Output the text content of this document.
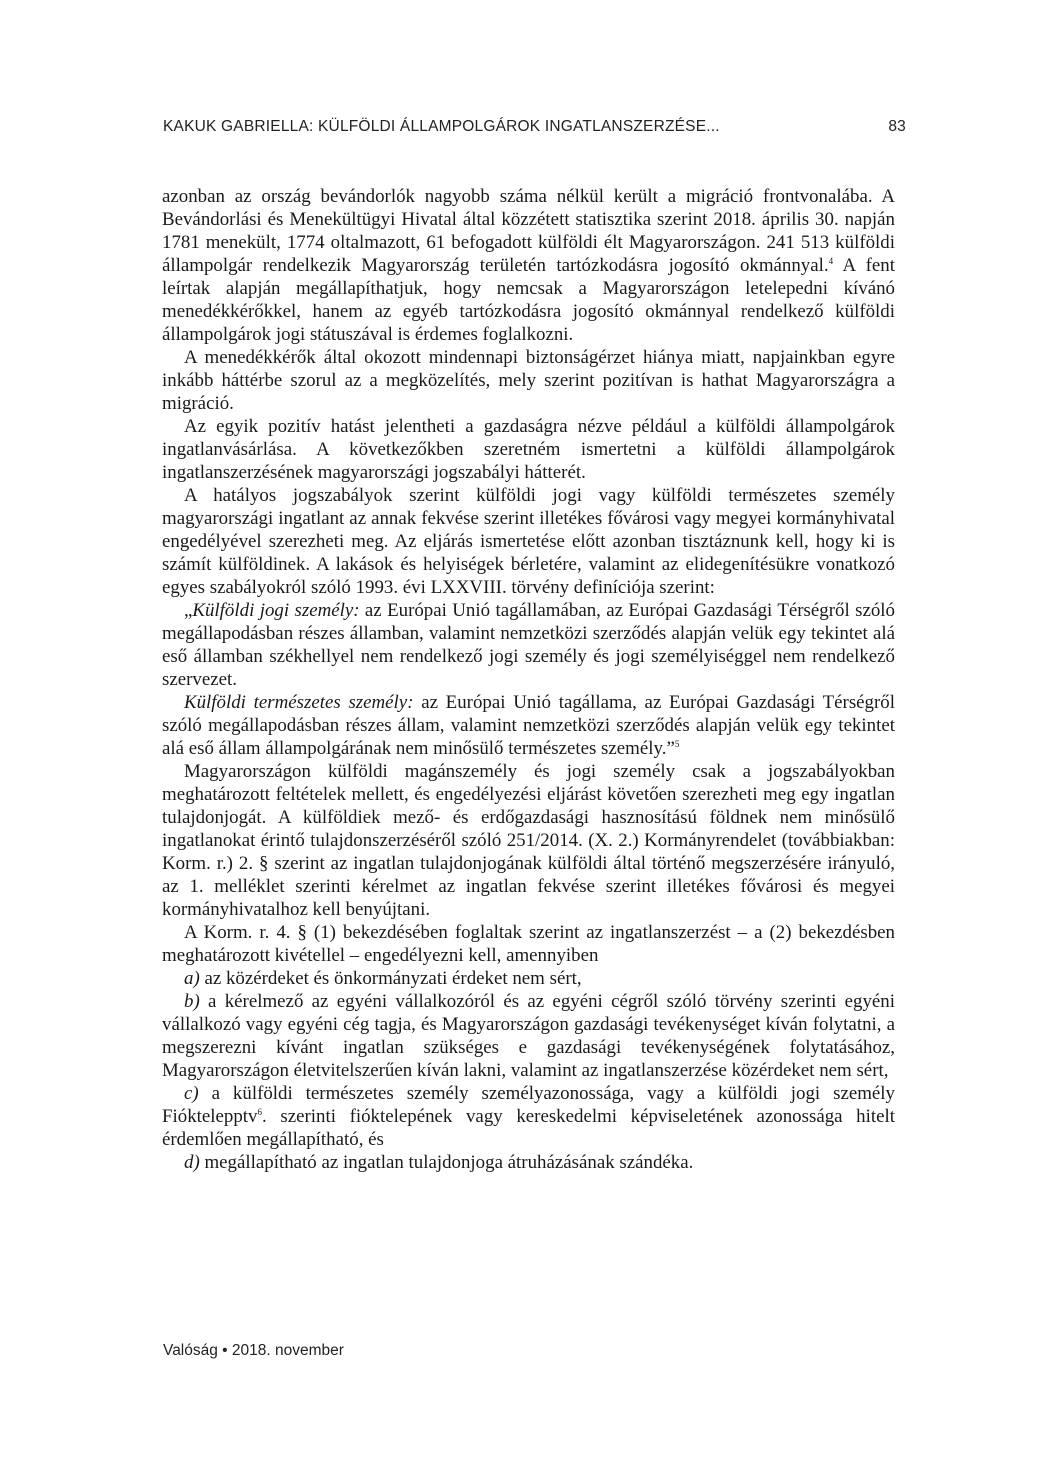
KAKUK GABRIELLA: KÜLFÖLDI ÁLLAMPOLGÁROK INGATLANSZERZÉSE...	83

azonban az ország bevándorlók nagyobb száma nélkül került a migráció frontvonalába. A Bevándorlási és Menekültügyi Hivatal által közzétett statisztika szerint 2018. április 30. napján 1781 menekült, 1774 oltalmazott, 61 befogadott külföldi élt Magyarországon. 241 513 külföldi állampolgár rendelkezik Magyarország területén tartózkodásra jogosító okmánnyal.$^4$ A fent leírtak alapján megállapíthatjuk, hogy nemcsak a Magyarországon letelepedni kívánó menedékkérőkkel, hanem az egyéb tartózkodásra jogosító okmánnyal rendelkező külföldi állampolgárok jogi státuszával is érdemes foglalkozni.

A menedékkérők által okozott mindennapi biztonságérzet hiánya miatt, napjainkban egyre inkább háttérbe szorul az a megközelítés, mely szerint pozitívan is hathat Magyarországra a migráció.

Az egyik pozitív hatást jelentheti a gazdaságra nézve például a külföldi állampolgárok ingatlanvásárlása. A következőkben szeretném ismertetni a külföldi állampolgárok ingatlanszerzésének magyarországi jogszabályi hátterét.

A hatályos jogszabályok szerint külföldi jogi vagy külföldi természetes személy magyarországi ingatlant az annak fekvése szerint illetékes fővárosi vagy megyei kormányhivatal engedélyével szerezheti meg. Az eljárás ismertetése előtt azonban tisztáznunk kell, hogy ki is számít külföldinek. A lakások és helyiségek bérletére, valamint az elidegenítésükre vonatkozó egyes szabályokról szóló 1993. évi LXXVIII. törvény definíciója szerint:

„Külföldi jogi személy: az Európai Unió tagállamában, az Európai Gazdasági Térségről szóló megállapodásban részes államban, valamint nemzetközi szerződés alapján velük egy tekintet alá eső államban székhellyel nem rendelkező jogi személy és jogi személyiséggel nem rendelkező szervezet.

Külföldi természetes személy: az Európai Unió tagállama, az Európai Gazdasági Térségről szóló megállapodásban részes állam, valamint nemzetközi szerződés alapján velük egy tekintet alá eső állam állampolgárának nem minősülő természetes személy.”$^5$

Magyarországon külföldi magánszemély és jogi személy csak a jogszabályokban meghatározott feltételek mellett, és engedélyezési eljárást követően szerezheti meg egy ingatlan tulajdonjogát. A külföldiek mező- és erdőgazdasági hasznosítású földnek nem minősülő ingatlanokat érintő tulajdonszerzéséről szóló 251/2014. (X. 2.) Kormányrendelet (továbbiakban: Korm. r.) 2. § szerint az ingatlan tulajdonjogának külföldi által történő megszerzésére irányuló, az 1. melléklet szerinti kérelmet az ingatlan fekvése szerint illetékes fővárosi és megyei kormányhivatalhoz kell benyújtani.

A Korm. r. 4. § (1) bekezdésében foglaltak szerint az ingatlanszerzést – a (2) bekezdésben meghatározott kivétellel – engedélyezni kell, amennyiben

a) az közérdeket és önkormányzati érdeket nem sért,

b) a kérelmező az egyéni vállalkozóról és az egyéni cégről szóló törvény szerinti egyéni vállalkozó vagy egyéni cég tagja, és Magyarországon gazdasági tevékenységet kíván folytatni, a megszerezni kívánt ingatlan szükséges e gazdasági tevékenységének folytatásához, Magyarországon életvitelszerűen kíván lakni, valamint az ingatlanszerzése közérdeket nem sért,

c) a külföldi természetes személy személyazonossága, vagy a külföldi jogi személy Fióktelepptv$^6$. szerinti fióktelepének vagy kereskedelmi képviseletének azonossága hitelt érdemlően megállapítható, és

d) megállapítható az ingatlan tulajdonjoga átruházásának szándéka.

Valóság • 2018. november
